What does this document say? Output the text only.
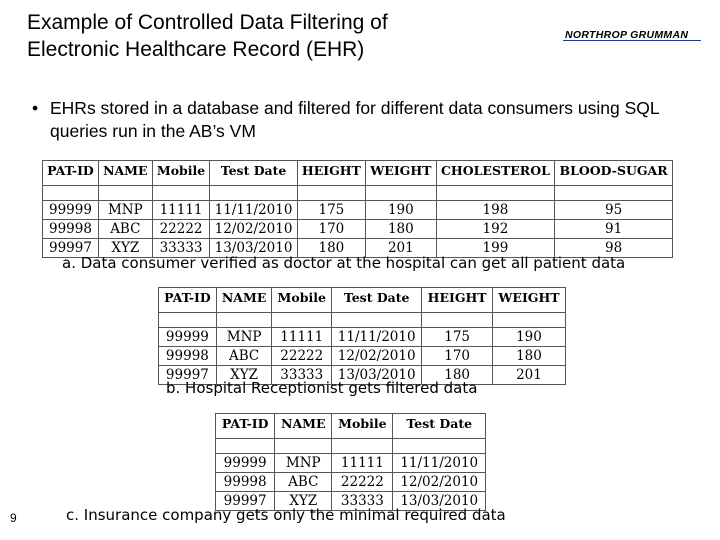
Example of Controlled Data Filtering of
Electronic Healthcare Record (EHR)
NORTHROP GRUMMAN
• EHRs stored in a database and filtered for different data consumers using SQL queries run in the AB’s VM
PAT-ID	NAME	Mobile	Test Date	HEIGHT	WEIGHT	CHOLESTEROL	BLOOD-SUGAR

99999	MNP	11111	11/11/2010	175	190	198	95
99998	ABC	22222	12/02/2010	170	180	192	91
99997	XYZ	33333	13/03/2010	180	201	199	98
a. Data consumer verified as doctor at the hospital can get all patient data
PAT-ID	NAME	Mobile	Test Date	HEIGHT	WEIGHT

99999	MNP	11111	11/11/2010	175	190
99998	ABC	22222	12/02/2010	170	180
99997	XYZ	33333	13/03/2010	180	201
b. Hospital Receptionist gets filtered data
PAT-ID	NAME	Mobile	Test Date

99999	MNP	11111	11/11/2010
99998	ABC	22222	12/02/2010
99997	XYZ	33333	13/03/2010
c. Insurance company gets only the minimal required data
9
